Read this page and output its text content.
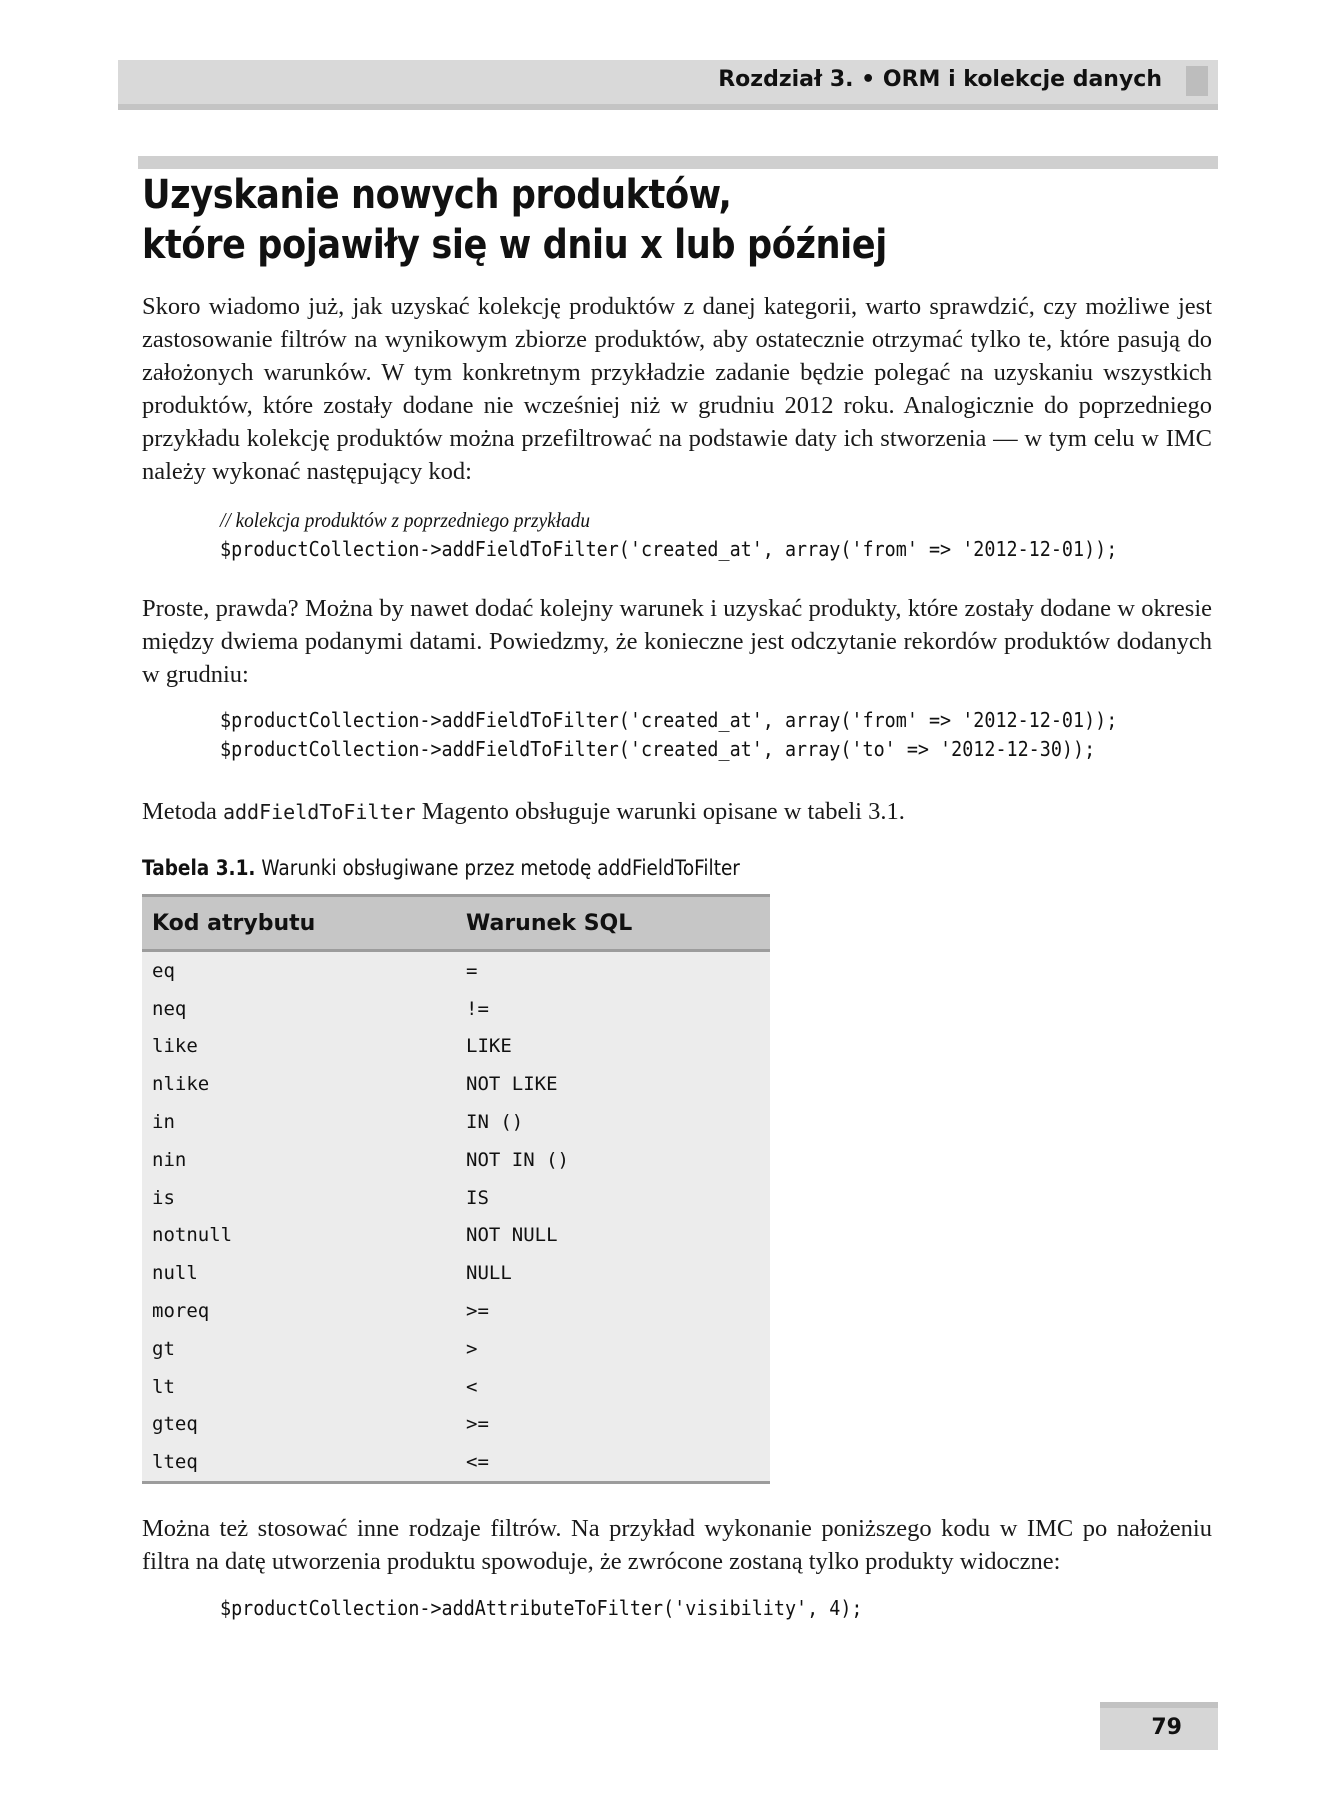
Rozdział 3. • ORM i kolekcje danych
Uzyskanie nowych produktów,
które pojawiły się w dniu x lub później

Skoro wiadomo już, jak uzyskać kolekcję produktów z danej kategorii, warto sprawdzić, czy możliwe jest zastosowanie filtrów na wynikowym zbiorze produktów, aby ostatecznie otrzymać tylko te, które pasują do założonych warunków. W tym konkretnym przykładzie zadanie będzie polegać na uzyskaniu wszystkich produktów, które zostały dodane nie wcześniej niż w grudniu 2012 roku. Analogicznie do poprzedniego przykładu kolekcję produktów można przefiltrować na podstawie daty ich stworzenia — w tym celu w IMC należy wykonać następujący kod:

// kolekcja produktów z poprzedniego przykładu
$productCollection->addFieldToFilter('created_at', array('from' => '2012-12-01));

Proste, prawda? Można by nawet dodać kolejny warunek i uzyskać produkty, które zostały dodane w okresie między dwiema podanymi datami. Powiedzmy, że konieczne jest odczytanie rekordów produktów dodanych w grudniu:

$productCollection->addFieldToFilter('created_at', array('from' => '2012-12-01));
$productCollection->addFieldToFilter('created_at', array('to' => '2012-12-30));

Metoda addFieldToFilter Magento obsługuje warunki opisane w tabeli 3.1.

Tabela 3.1. Warunki obsługiwane przez metodę addFieldToFilter
Kod atrybutu	Warunek SQL
eq	=
neq	!=
like	LIKE
nlike	NOT LIKE
in	IN ()
nin	NOT IN ()
is	IS
notnull	NOT NULL
null	NULL
moreq	>=
gt	>
lt	<
gteq	>=
lteq	<=

Można też stosować inne rodzaje filtrów. Na przykład wykonanie poniższego kodu w IMC po nałożeniu filtra na datę utworzenia produktu spowoduje, że zwrócone zostaną tylko produkty widoczne:

$productCollection->addAttributeToFilter('visibility', 4);
79
